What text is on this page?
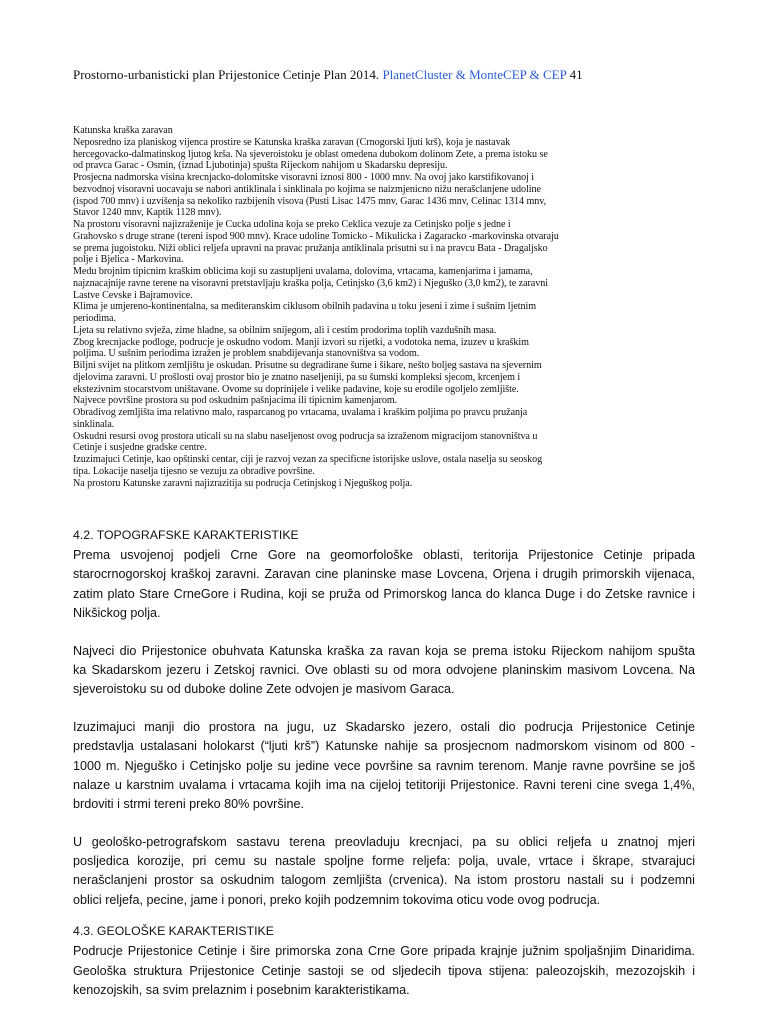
Prostorno-urbanisticki plan Prijestonice Cetinje Plan 2014. PlanetCluster & MonteCEP & CEP 41
Katunska kraška zaravan
Neposredno iza planiskog vijenca prostire se Katunska kraška zaravan (Crnogorski ljuti krš), koja je nastavak
hercegovacko-dalmatinskog ljutog krša. Na sjeveroistoku je oblast omedena dubokom dolinom Zete, a prema istoku se
od pravca Garac - Osmin, (iznad Ljubotinja) spušta Rijeckom nahijom u Skadarsku depresiju.
Prosjecna nadmorska visina krecnjacko-dolomitske visoravni iznosi 800 - 1000 mnv. Na ovoj jako karstifikovanoj i
bezvodnoj visoravni uocavaju se nabori antiklinala i sinklinala po kojima se naizmjenicno nižu nerašclanjene udoline
(ispod 700 mnv) i uzvišenja sa nekoliko razbijenih visova (Pusti Lisac 1475 mnv, Garac 1436 mnv, Celinac 1314 mnv,
Stavor 1240 mnv, Kaptik 1128 mnv).
Na prostoru visoravni najizraženije je Cucka udolina koja se preko Ceklica vezuje za Cetinjsko polje s jedne i
Grahovsko s druge strane (tereni ispod 900 mnv). Krace udoline Tomicko - Mikulicka i Zagaracko -markovinska otvaraju
se prema jugoistoku. Niži oblici reljefa upravni na pravac pružanja antiklinala prisutni su i na pravcu Bata - Dragaljsko
polje i Bjelica - Markovina.
Medu brojnim tipicnim kraškim oblicima koji su zastupljeni uvalama, dolovima, vrtacama, kamenjarima i jamama,
najznacajnije ravne terene na visoravni pretstavljaju kraška polja, Cetinjsko (3,6 km2) i Njeguško (3,0 km2), te zaravni
Lastve Cevske i Bajramovice.
Klima je umjereno-kontinentalna, sa mediteranskim ciklusom obilnih padavina u toku jeseni i zime i sušnim ljetnim
periodima.
Ljeta su relativno svježa, zime hladne, sa obilnim snijegom, ali i cestim prodorima toplih vazdušnih masa.
Zbog krecnjacke podloge, podrucje je oskudno vodom. Manji izvori su rijetki, a vodotoka nema, izuzev u kraškim
poljima. U sušnim periodima izražen je problem snabdijevanja stanovništva sa vodom.
Biljni svijet na plitkom zemljištu je oskudan. Prisutne su degradirane šume i šikare, nešto boljeg sastava na sjevernim
djelovima zaravni. U prošlosti ovaj prostor bio je znatno naseljeniji, pa su šumski kompleksi sjecom, krcenjem i
ekstezivnim stocarstvom uništavane. Ovome su doprinijele i velike padavine, koje su erodile ogoljelo zemljište.
Najvece površine prostora su pod oskudnim pašnjacima ili tipicnim kamenjarom.
Obradivog zemljišta ima relativno malo, rasparcanog po vrtacama, uvalama i kraškim poljima po pravcu pružanja
sinklinala.
Oskudni resursi ovog prostora uticali su na slabu naseljenost ovog podrucja sa izraženom migracijom stanovništva u
Cetinje i susjedne gradske centre.
Izuzimajuci Cetinje, kao opštinski centar, ciji je razvoj vezan za specificne istorijske uslove, ostala naselja su seoskog
tipa. Lokacije naselja tijesno se vezuju za obradive površine.
Na prostoru Katunske zaravni najizrazitija su podrucja Cetinjskog i Njeguškog polja.
4.2. TOPOGRAFSKE KARAKTERISTIKE
Prema usvojenoj podjeli Crne Gore na geomorfološke oblasti, teritorija Prijestonice Cetinje pripada
starocrnogorskoj kraškoj zaravni. Zaravan cine planinske mase Lovcena, Orjena i drugih primorskih vijenaca,
zatim plato Stare CrneGore i Rudina, koji se pruža od Primorskog lanca do klanca Duge i do Zetske ravnice i
Nikšickog polja.
Najveci dio Prijestonice obuhvata Katunska kraška za ravan koja se prema istoku Rijeckom nahijom spušta
ka Skadarskom jezeru i Zetskoj ravnici. Ove oblasti su od mora odvojene planinskim masivom Lovcena. Na
sjeveroistoku su od duboke doline Zete odvojen je masivom Garaca.
Izuzimajuci manji dio prostora na jugu, uz Skadarsko jezero, ostali dio podrucja Prijestonice Cetinje
predstavlja ustalasani holokarst (“ljuti krš”) Katunske nahije sa prosjecnom nadmorskom visinom od 800 -
1000 m. Njeguško i Cetinjsko polje su jedine vece površine sa ravnim terenom. Manje ravne površine se još
nalaze u karstnim uvalama i vrtacama kojih ima na cijeloj tetitoriji Prijestonice. Ravni tereni cine svega 1,4%,
brdoviti i strmi tereni preko 80% površine.
U geološko-petrografskom sastavu terena preovladuju krecnjaci, pa su oblici reljefa u znatnoj mjeri
posljedica korozije, pri cemu su nastale spoljne forme reljefa: polja, uvale, vrtace i škrape, stvarajuci
nerašclanjeni prostor sa oskudnim talogom zemljišta (crvenica). Na istom prostoru nastali su i podzemni
oblici reljefa, pecine, jame i ponori, preko kojih podzemnim tokovima oticu vode ovog podrucja.
4.3. GEOLOŠKE KARAKTERISTIKE
Podrucje Prijestonice Cetinje i šire primorska zona Crne Gore pripada krajnje južnim spoljašnjim Dinaridima.
Geološka struktura Prijestonice Cetinje sastoji se od sljedecih tipova stijena: paleozojskih, mezozojskih i
kenozojskih, sa svim prelaznim i posebnim karakteristikama.
